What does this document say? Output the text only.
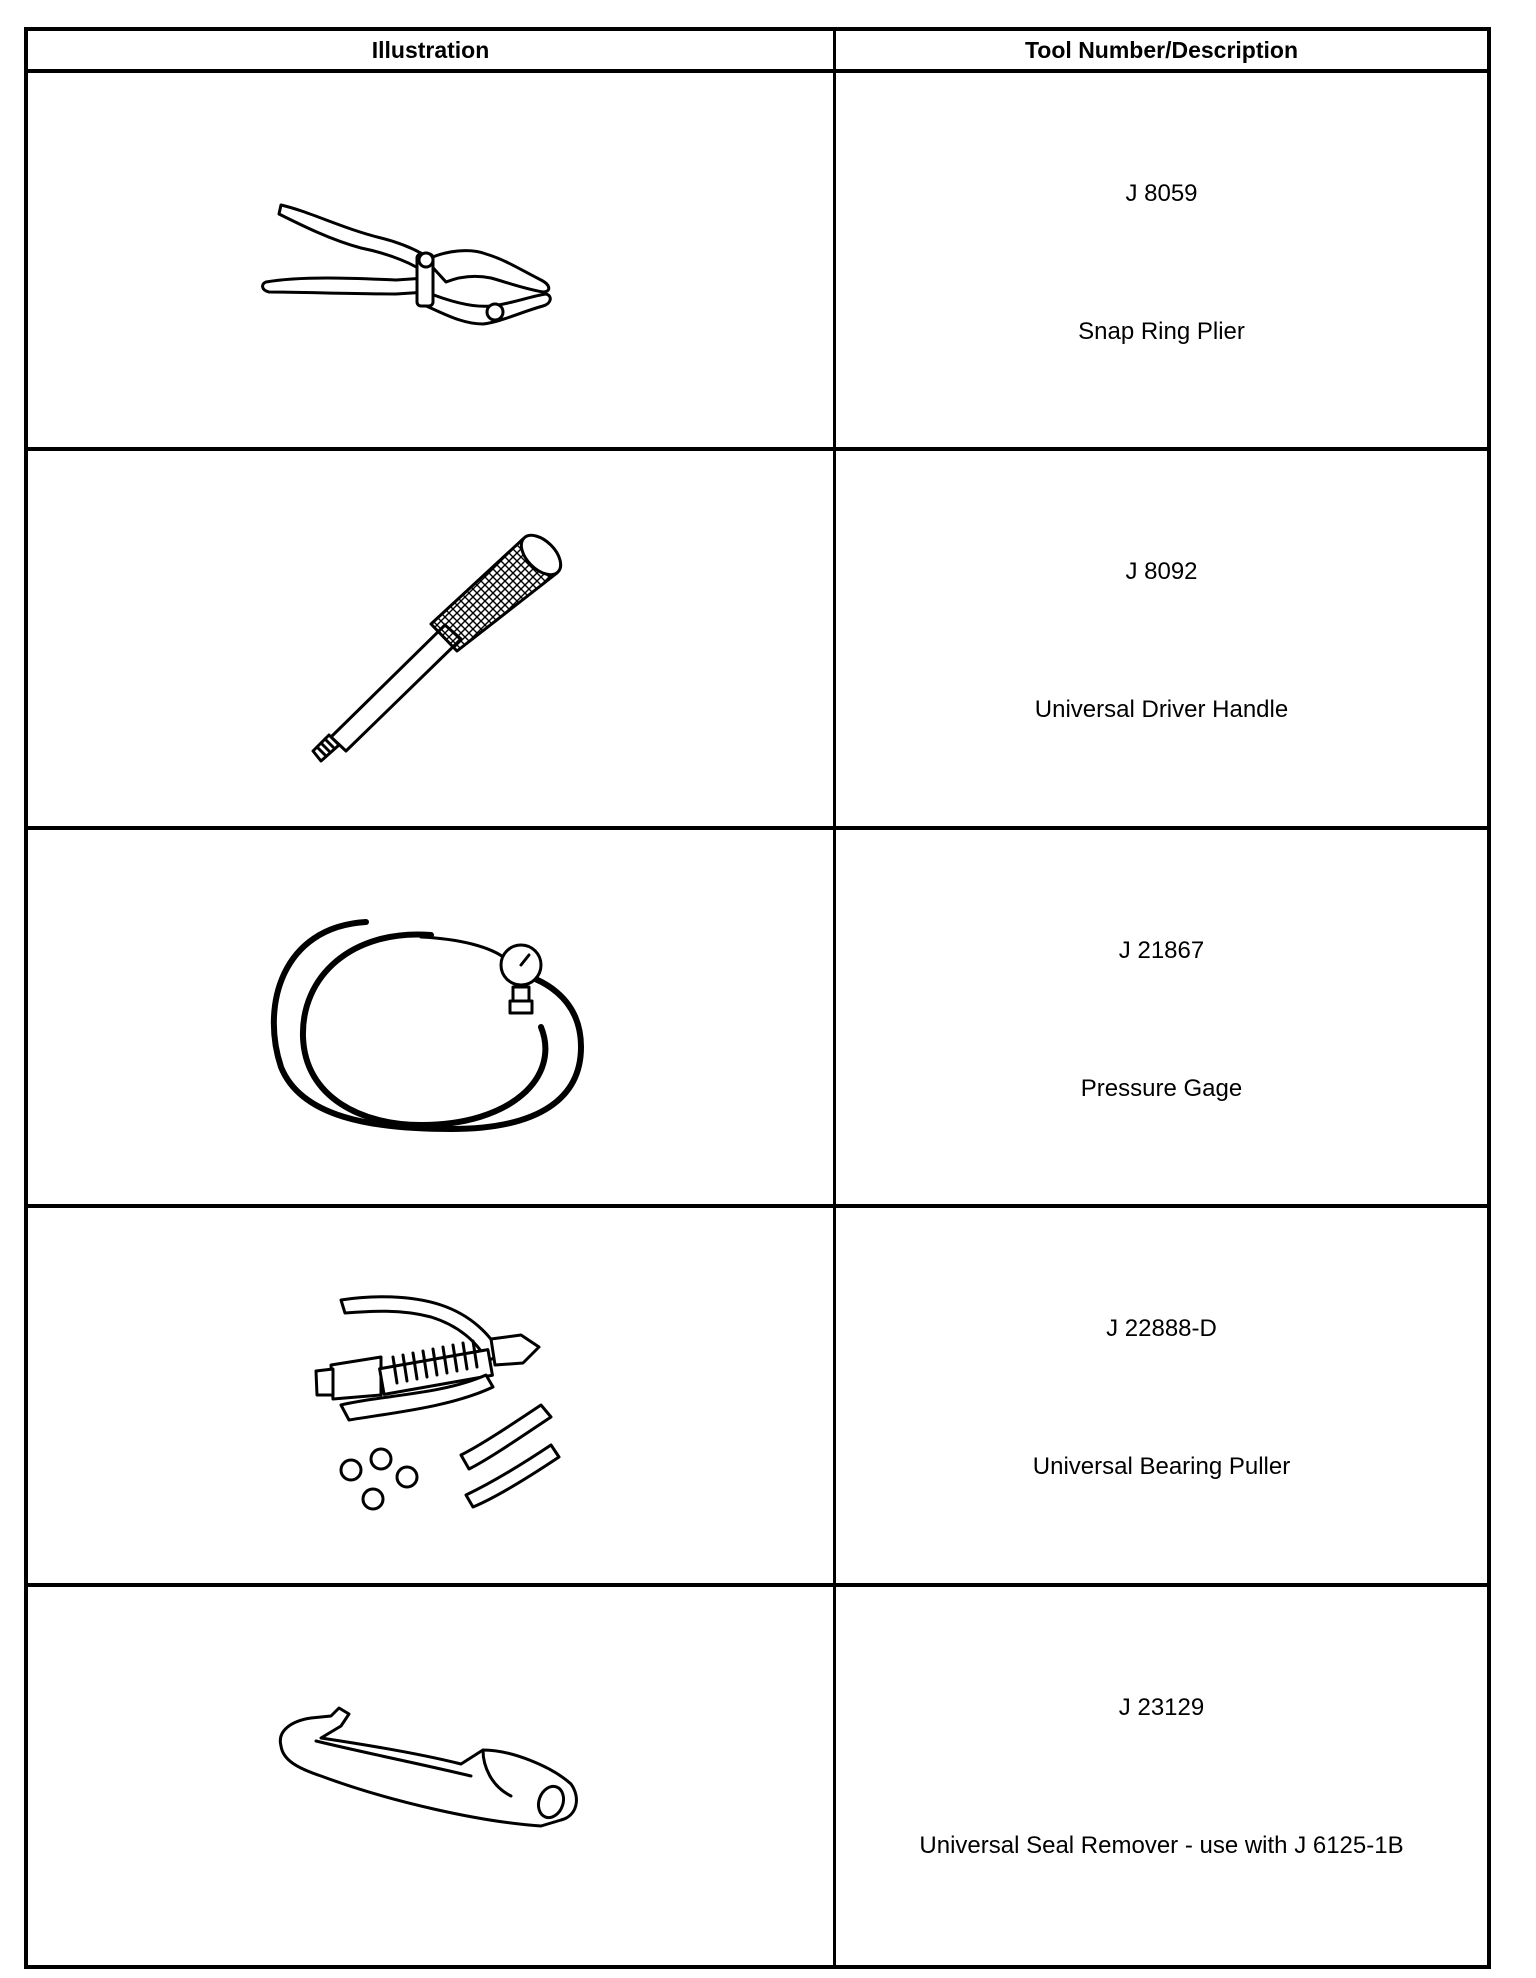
Illustration	Tool Number/Description
J 8059
Snap Ring Plier
J 8092
Universal Driver Handle
J 21867
Pressure Gage
J 22888-D
Universal Bearing Puller
J 23129
Universal Seal Remover - use with J 6125-1B
